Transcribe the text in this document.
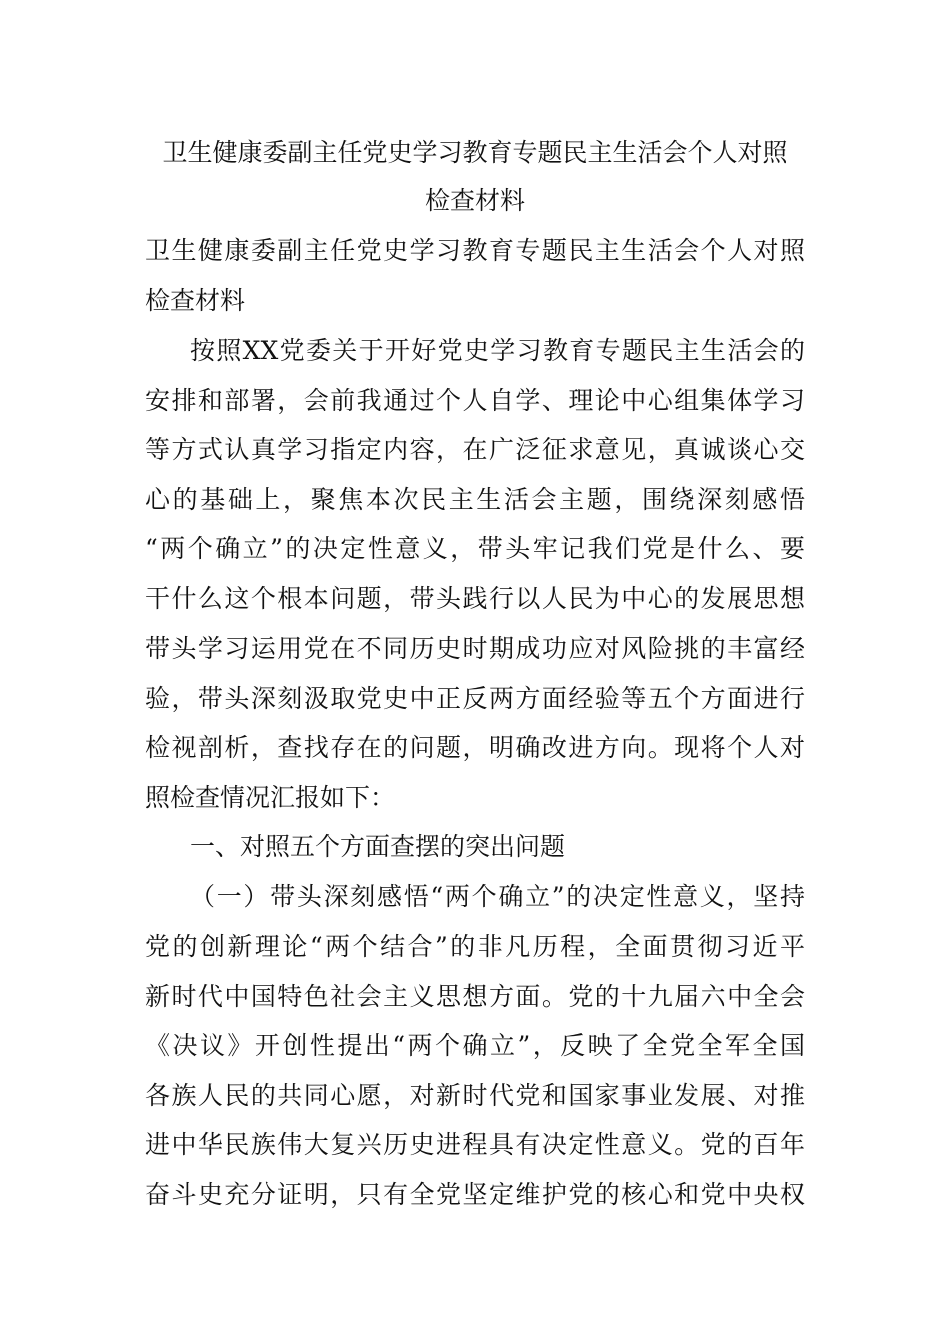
卫生健康委副主任党史学习教育专题民主生活会个人对照
检查材料
卫生健康委副主任党史学习教育专题民主生活会个人对照
检查材料
按照XX党委关于开好党史学习教育专题民主生活会的
安排和部署，会前我通过个人自学、理论中心组集体学习
等方式认真学习指定内容，在广泛征求意见，真诚谈心交
心的基础上，聚焦本次民主生活会主题，围绕深刻感悟
“两个确立”的决定性意义，带头牢记我们党是什么、要
干什么这个根本问题，带头践行以人民为中心的发展思想
带头学习运用党在不同历史时期成功应对风险挑的丰富经
验，带头深刻汲取党史中正反两方面经验等五个方面进行
检视剖析，查找存在的问题，明确改进方向。现将个人对
照检查情况汇报如下：
一、对照五个方面查摆的突出问题
（一）带头深刻感悟“两个确立”的决定性意义，坚持
党的创新理论“两个结合”的非凡历程，全面贯彻习近平
新时代中国特色社会主义思想方面。党的十九届六中全会
《决议》开创性提出“两个确立”，反映了全党全军全国
各族人民的共同心愿，对新时代党和国家事业发展、对推
进中华民族伟大复兴历史进程具有决定性意义。党的百年
奋斗史充分证明，只有全党坚定维护党的核心和党中央权
